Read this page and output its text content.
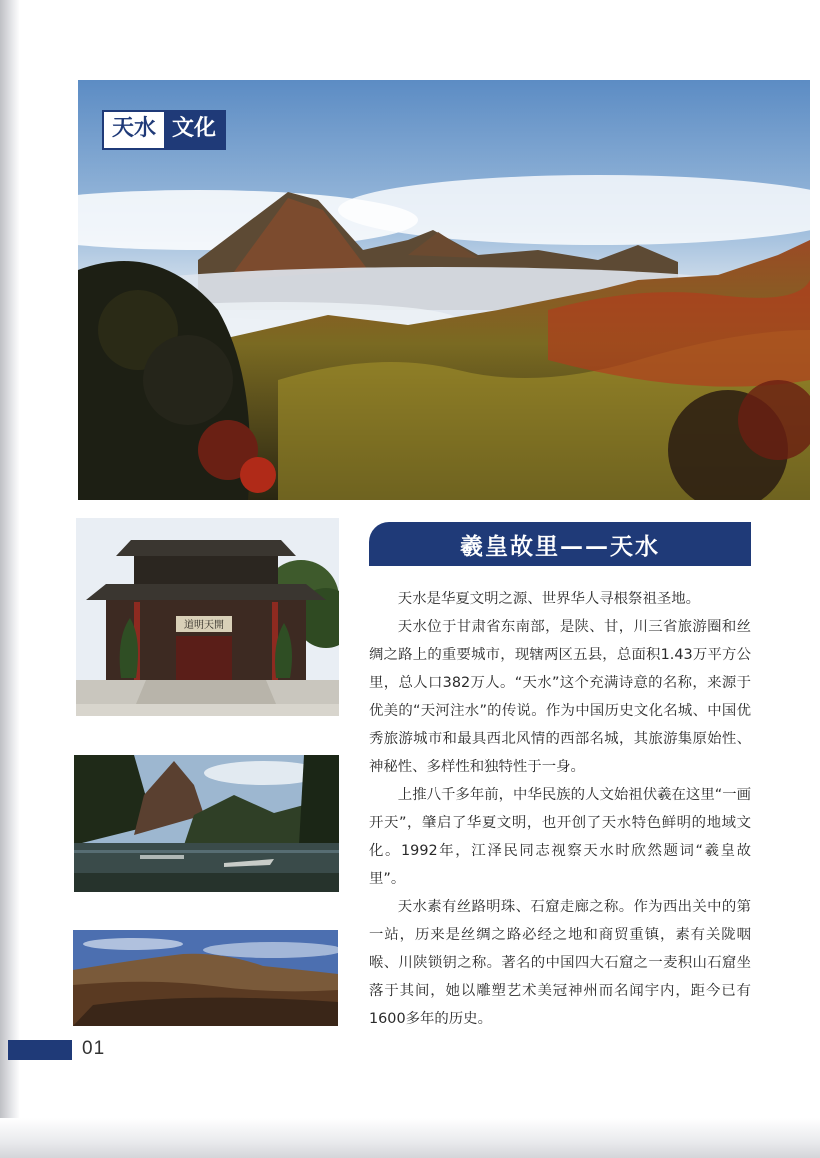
天水 文化
道明天開
羲皇故里——天水

天水是华夏文明之源、世界华人寻根祭祖圣地。

天水位于甘肃省东南部，是陕、甘，川三省旅游圈和丝绸之路上的重要城市，现辖两区五县，总面积1.43万平方公里，总人口382万人。“天水”这个充满诗意的名称，来源于优美的“天河注水”的传说。作为中国历史文化名城、中国优秀旅游城市和最具西北风情的西部名城，其旅游集原始性、神秘性、多样性和独特性于一身。

上推八千多年前，中华民族的人文始祖伏羲在这里“一画开天”，肇启了华夏文明，也开创了天水特色鲜明的地域文化。1992年，江泽民同志视察天水时欣然题词“羲皇故里”。

天水素有丝路明珠、石窟走廊之称。作为西出关中的第一站，历来是丝绸之路必经之地和商贸重镇，素有关陇咽喉、川陕锁钥之称。著名的中国四大石窟之一麦积山石窟坐落于其间，她以雕塑艺术美冠神州而名闻宇内，距今已有1600多年的历史。

01
